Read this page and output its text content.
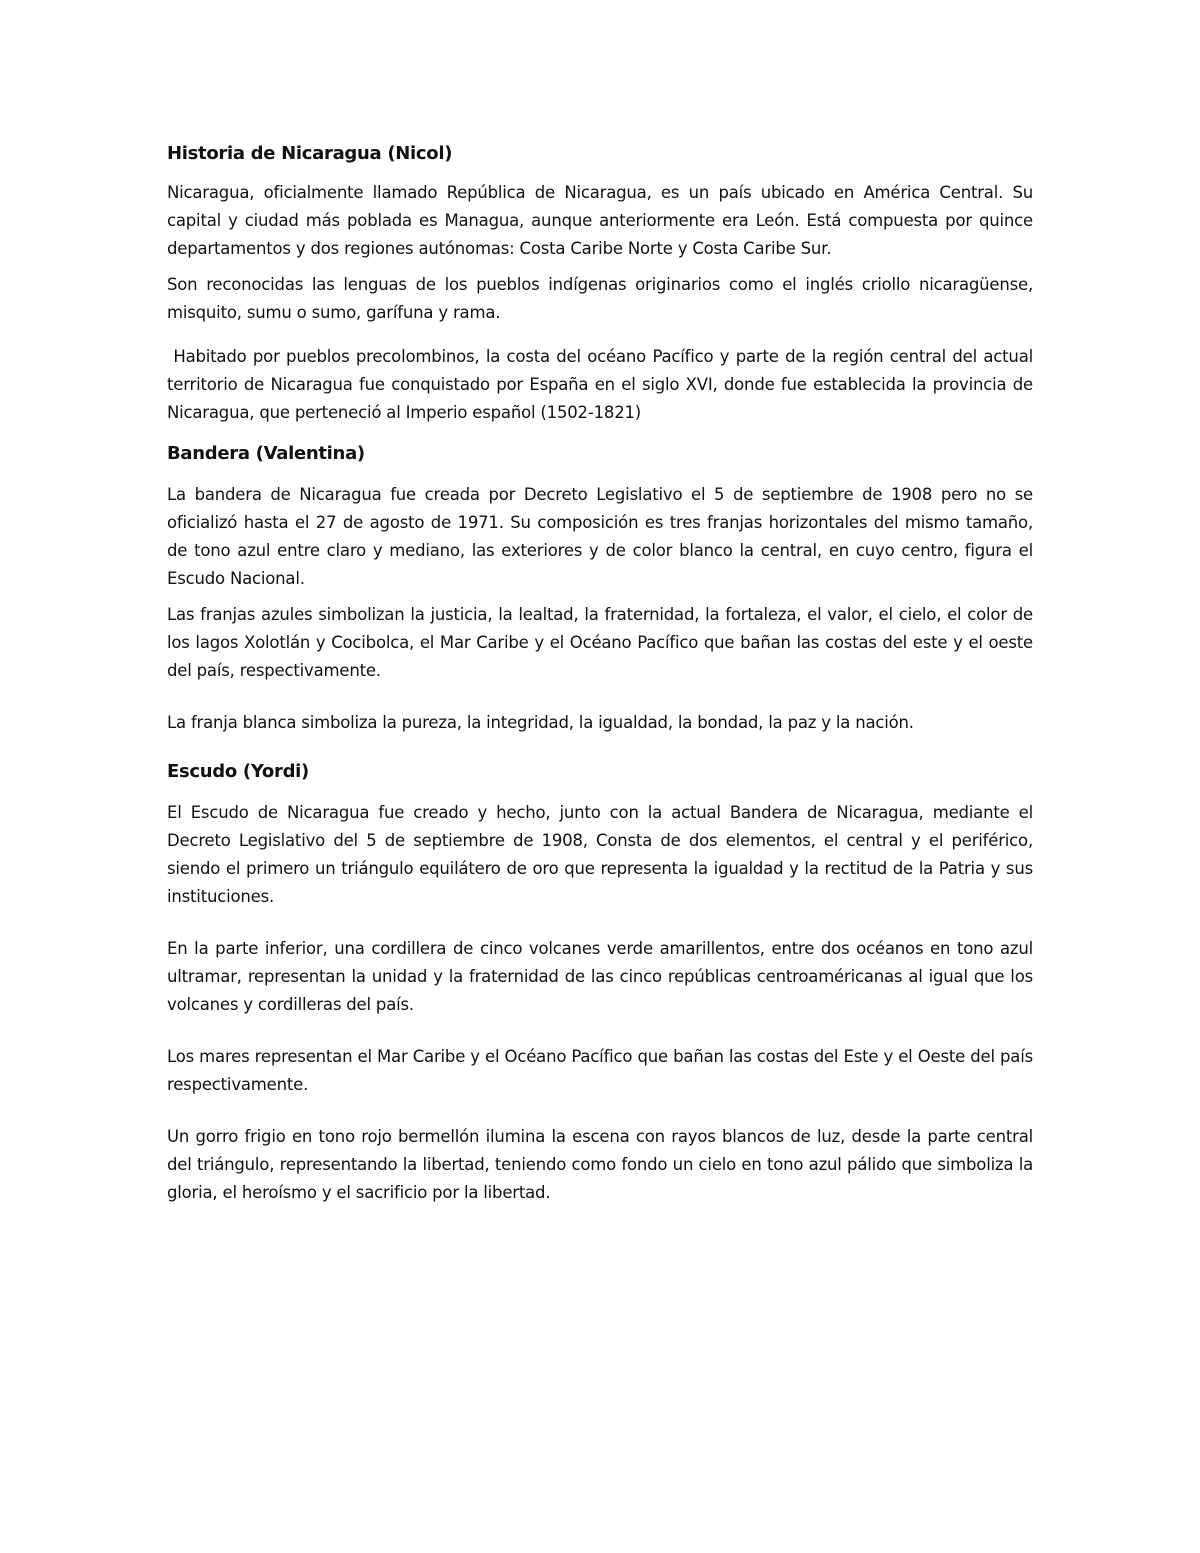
Historia de Nicaragua (Nicol)

Nicaragua, oficialmente llamado República de Nicaragua, es un país ubicado en América Central. Su capital y ciudad más poblada es Managua, aunque anteriormente era León. Está compuesta por quince departamentos y dos regiones autónomas: Costa Caribe Norte y Costa Caribe Sur.

Son reconocidas las lenguas de los pueblos indígenas originarios como el inglés criollo nicaragüense, misquito, sumu o sumo, garífuna y rama.

Habitado por pueblos precolombinos, la costa del océano Pacífico y parte de la región central del actual territorio de Nicaragua fue conquistado por España en el siglo XVI, donde fue establecida la provincia de Nicaragua, que perteneció al Imperio español (1502-1821)

Bandera (Valentina)

La bandera de Nicaragua fue creada por Decreto Legislativo el 5 de septiembre de 1908 pero no se oficializó hasta el 27 de agosto de 1971. Su composición es tres franjas horizontales del mismo tamaño, de tono azul entre claro y mediano, las exteriores y de color blanco la central, en cuyo centro, figura el Escudo Nacional.

Las franjas azules simbolizan la justicia, la lealtad, la fraternidad, la fortaleza, el valor, el cielo, el color de los lagos Xolotlán y Cocibolca, el Mar Caribe y el Océano Pacífico que bañan las costas del este y el oeste del país, respectivamente.

La franja blanca simboliza la pureza, la integridad, la igualdad, la bondad, la paz y la nación.

Escudo (Yordi)

El Escudo de Nicaragua fue creado y hecho, junto con la actual Bandera de Nicaragua, mediante el Decreto Legislativo del 5 de septiembre de 1908, Consta de dos elementos, el central y el periférico, siendo el primero un triángulo equilátero de oro que representa la igualdad y la rectitud de la Patria y sus instituciones.

En la parte inferior, una cordillera de cinco volcanes verde amarillentos, entre dos océanos en tono azul ultramar, representan la unidad y la fraternidad de las cinco repúblicas centroaméricanas al igual que los volcanes y cordilleras del país.

Los mares representan el Mar Caribe y el Océano Pacífico que bañan las costas del Este y el Oeste del país respectivamente.

Un gorro frigio en tono rojo bermellón ilumina la escena con rayos blancos de luz, desde la parte central del triángulo, representando la libertad, teniendo como fondo un cielo en tono azul pálido que simboliza la gloria, el heroísmo y el sacrificio por la libertad.
